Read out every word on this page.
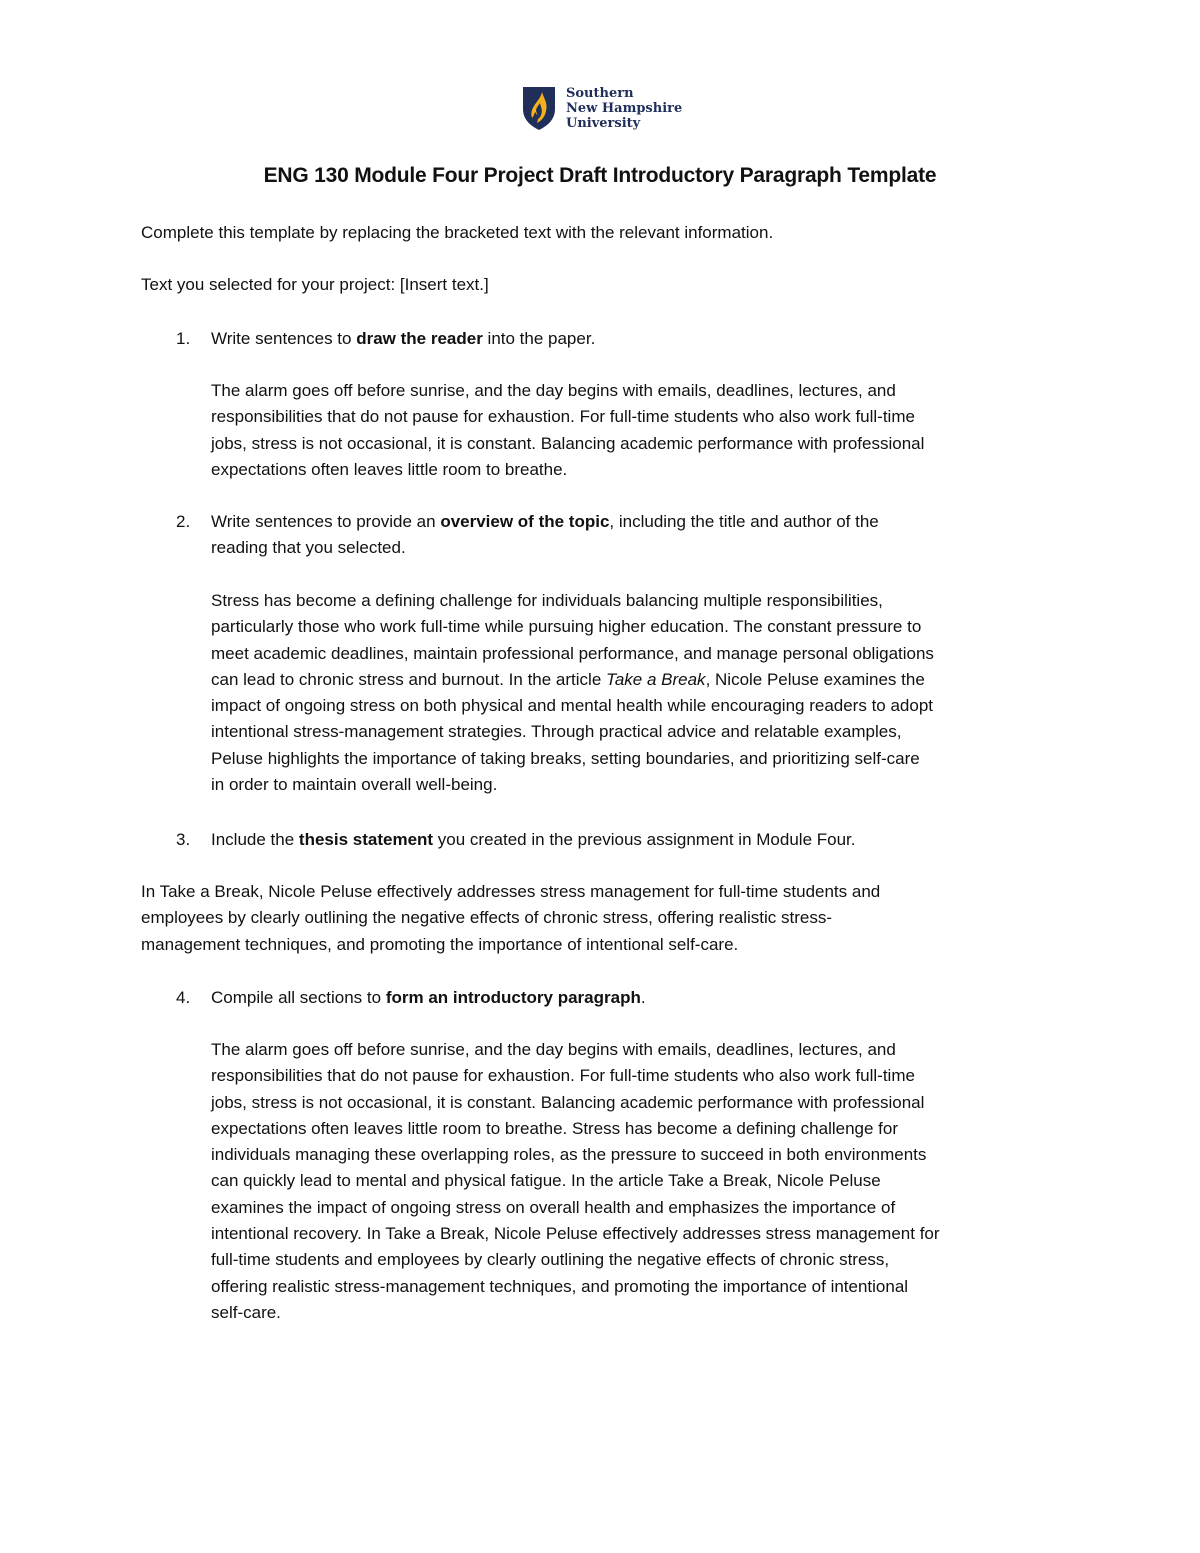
Southern
New Hampshire
University
ENG 130 Module Four Project Draft Introductory Paragraph Template
Complete this template by replacing the bracketed text with the relevant information.
Text you selected for your project: [Insert text.]
1. Write sentences to draw the reader into the paper.
The alarm goes off before sunrise, and the day begins with emails, deadlines, lectures, and
responsibilities that do not pause for exhaustion. For full-time students who also work full-time
jobs, stress is not occasional, it is constant. Balancing academic performance with professional
expectations often leaves little room to breathe.
2. Write sentences to provide an overview of the topic, including the title and author of the
reading that you selected.
Stress has become a defining challenge for individuals balancing multiple responsibilities,
particularly those who work full-time while pursuing higher education. The constant pressure to
meet academic deadlines, maintain professional performance, and manage personal obligations
can lead to chronic stress and burnout. In the article Take a Break, Nicole Peluse examines the
impact of ongoing stress on both physical and mental health while encouraging readers to adopt
intentional stress-management strategies. Through practical advice and relatable examples,
Peluse highlights the importance of taking breaks, setting boundaries, and prioritizing self-care
in order to maintain overall well-being.
3. Include the thesis statement you created in the previous assignment in Module Four.
In Take a Break, Nicole Peluse effectively addresses stress management for full-time students and
employees by clearly outlining the negative effects of chronic stress, offering realistic stress-
management techniques, and promoting the importance of intentional self-care.
4. Compile all sections to form an introductory paragraph.
The alarm goes off before sunrise, and the day begins with emails, deadlines, lectures, and
responsibilities that do not pause for exhaustion. For full-time students who also work full-time
jobs, stress is not occasional, it is constant. Balancing academic performance with professional
expectations often leaves little room to breathe. Stress has become a defining challenge for
individuals managing these overlapping roles, as the pressure to succeed in both environments
can quickly lead to mental and physical fatigue. In the article Take a Break, Nicole Peluse
examines the impact of ongoing stress on overall health and emphasizes the importance of
intentional recovery. In Take a Break, Nicole Peluse effectively addresses stress management for
full-time students and employees by clearly outlining the negative effects of chronic stress,
offering realistic stress-management techniques, and promoting the importance of intentional
self-care.
